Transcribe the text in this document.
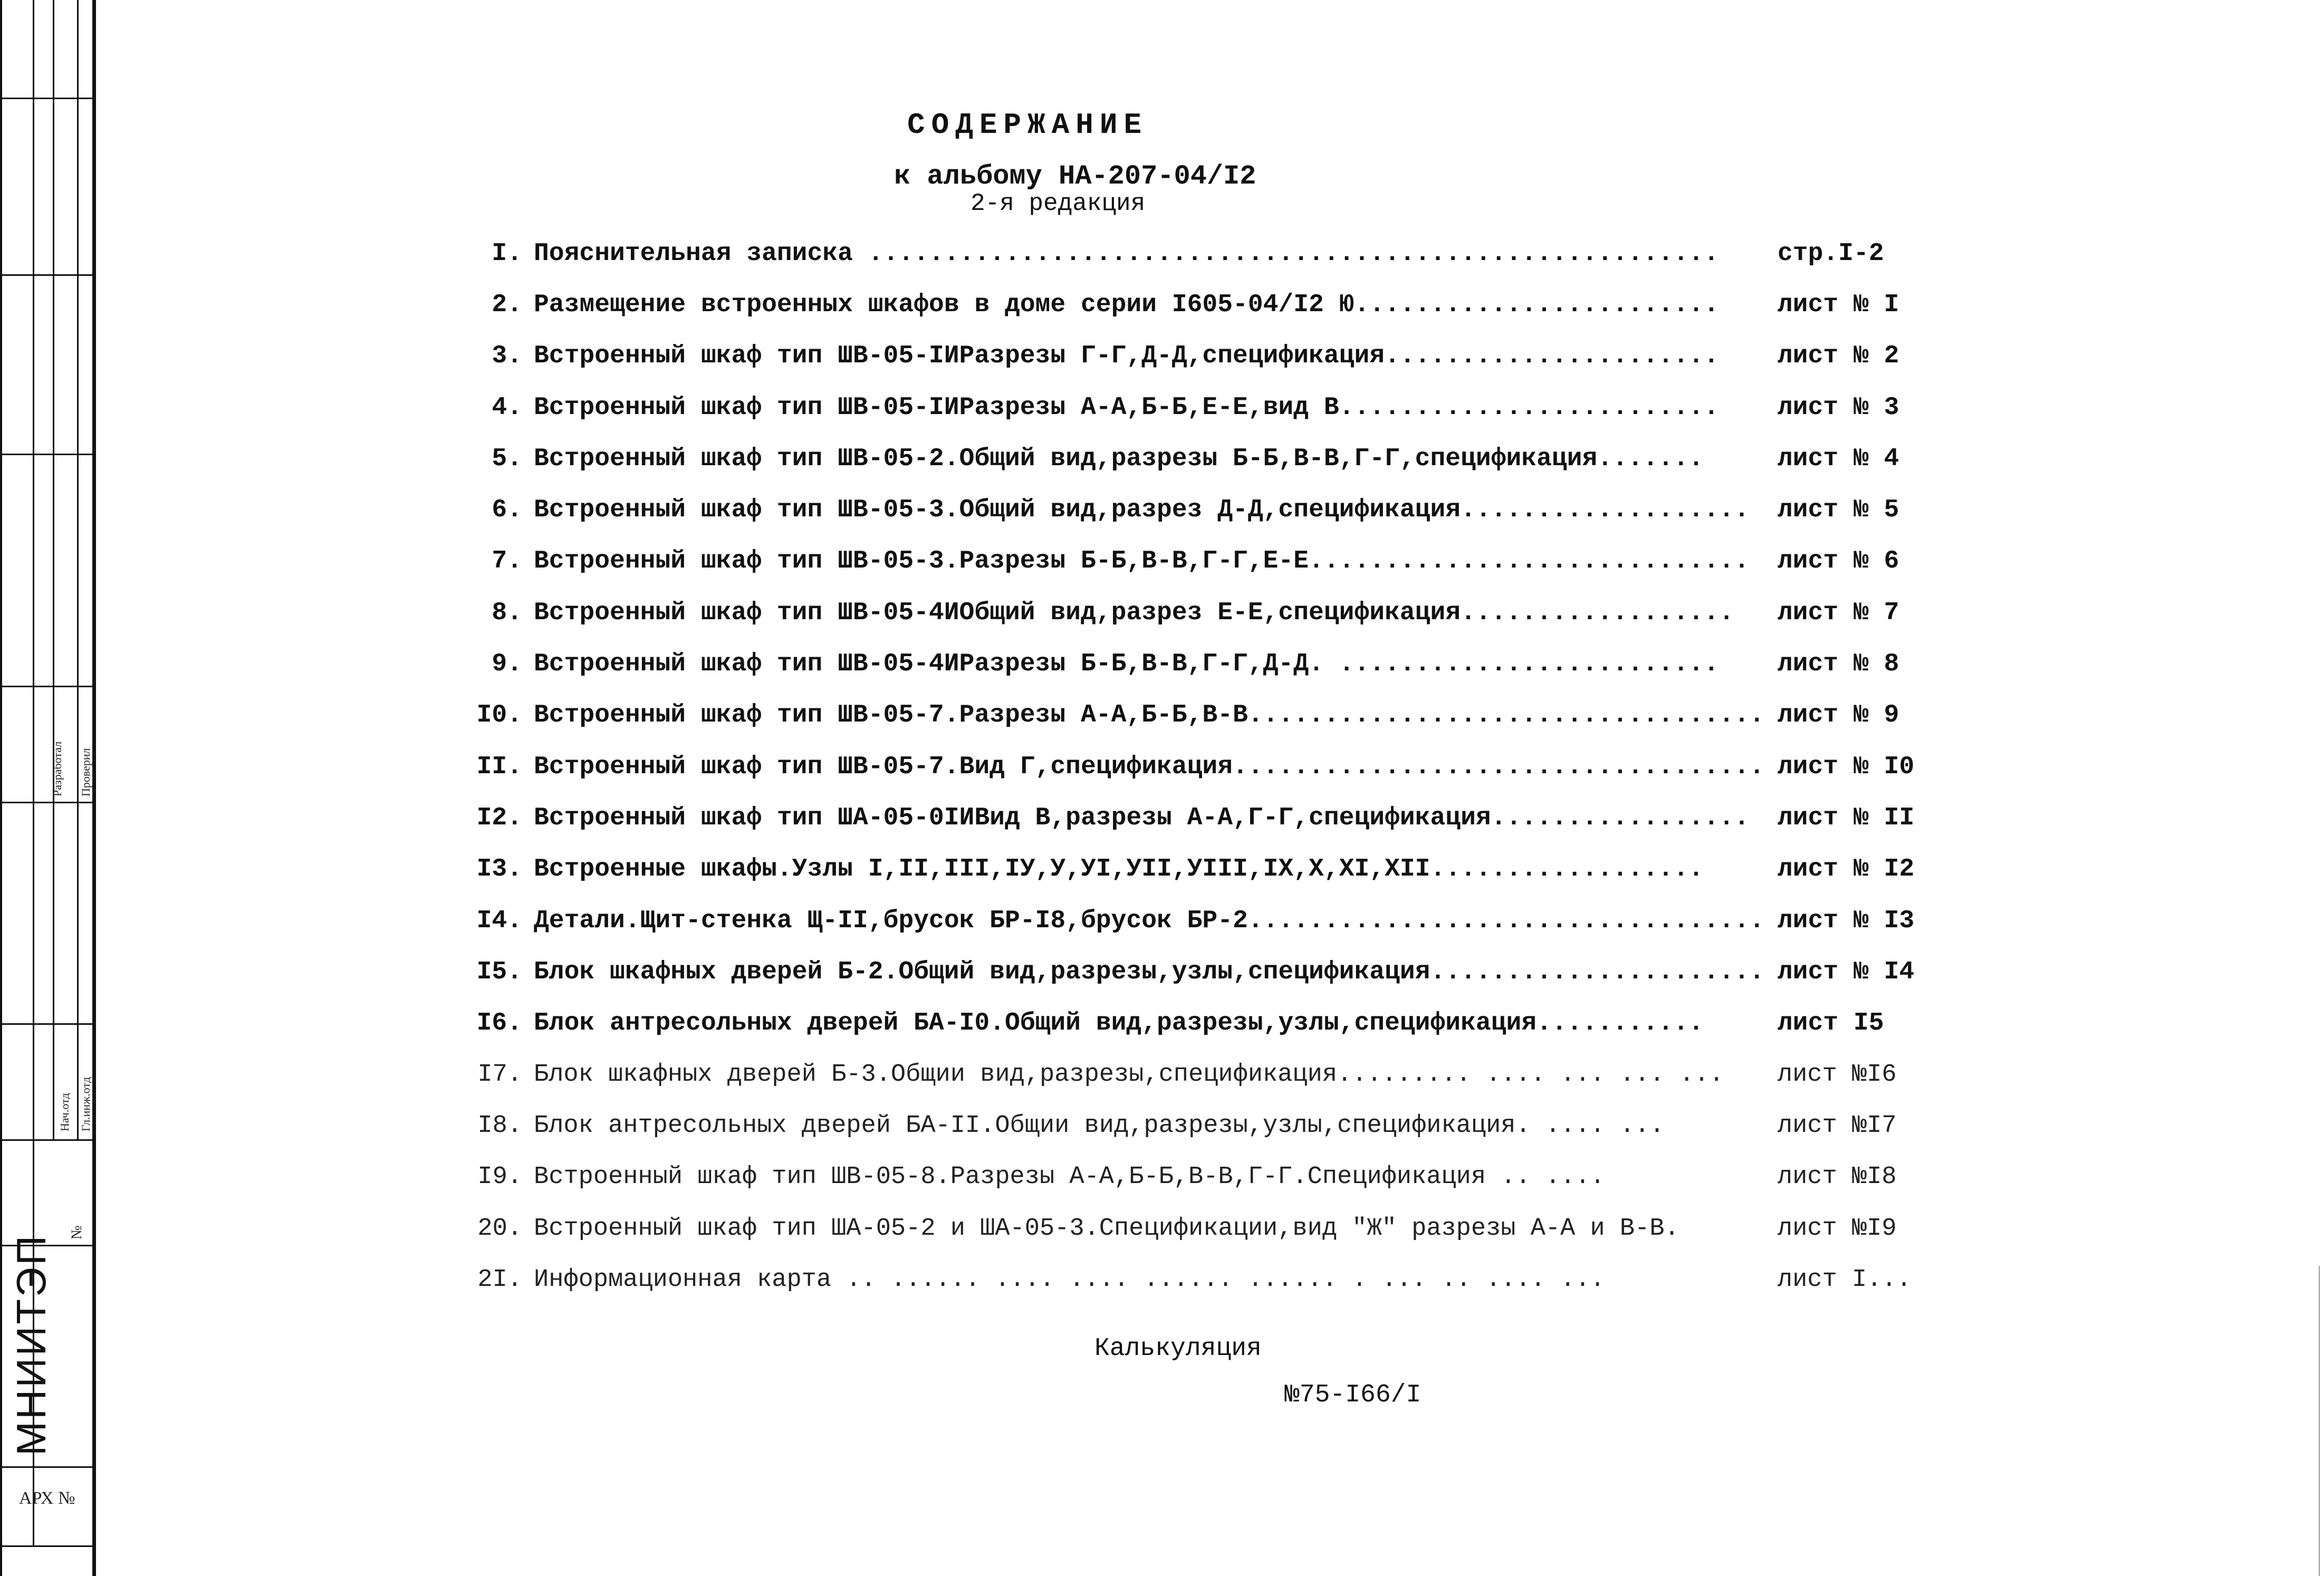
Разработал Проверил
Нач.отд Гл.инж.отд
№
МНИИТЭП
АРХ №
СОДЕРЖАНИЕ
к альбому НА-207-04/I2
2-я редакция
I. Пояснительная записка ........................................................	стр.I-2
2. Размещение встроенных шкафов в доме серии I605-04/I2 Ю........................	лист № I
3. Встроенный шкаф тип ШВ-05-IИРазрезы Г-Г,Д-Д,спецификация......................	лист № 2
4. Встроенный шкаф тип ШВ-05-IИРазрезы А-А,Б-Б,Е-Е,вид В.........................	лист № 3
5. Встроенный шкаф тип ШВ-05-2.Общий вид,разрезы Б-Б,В-В,Г-Г,спецификация.......	лист № 4
6. Встроенный шкаф тип ШВ-05-3.Общий вид,разрез Д-Д,спецификация...................	лист № 5
7. Встроенный шкаф тип ШВ-05-3.Разрезы Б-Б,В-В,Г-Г,Е-Е.............................	лист № 6
8. Встроенный шкаф тип ШВ-05-4ИОбщий вид,разрез Е-Е,спецификация..................	лист № 7
9. Встроенный шкаф тип ШВ-05-4ИРазрезы Б-Б,В-В,Г-Г,Д-Д. .........................	лист № 8
I0. Встроенный шкаф тип ШВ-05-7.Разрезы А-А,Б-Б,В-В.................................. лист № 9
II. Встроенный шкаф тип ШВ-05-7.Вид Г,спецификация................................... лист № I0
I2. Встроенный шкаф тип ША-05-0IИВид В,разрезы А-А,Г-Г,спецификация.................	лист № II
I3. Встроенные шкафы.Узлы I,II,III,IУ,У,УI,УII,УIII,IX,X,XI,XII..................	лист № I2
I4. Детали.Щит-стенка Щ-II,брусок БР-I8,брусок БР-2.................................. лист № I3
I5. Блок шкафных дверей Б-2.Общий вид,разрезы,узлы,спецификация...................... лист № I4
I6. Блок антресольных дверей БА-I0.Общий вид,разрезы,узлы,спецификация...........	лист I5
I7. Блок шкафных дверей Б-3.Общии вид,разрезы,спецификация......... .... ... ... ...	лист №I6
I8. Блок антресольных дверей БА-II.Общии вид,разрезы,узлы,спецификация. .... ...	лист №I7
I9. Встроенный шкаф тип ШВ-05-8.Разрезы А-А,Б-Б,В-В,Г-Г.Спецификация .. ....	лист №I8
20. Встроенный шкаф тип ША-05-2 и ША-05-3.Спецификации,вид "Ж" разрезы А-А и В-В.	лист №I9
2I. Информационная карта .. ...... .... .... ...... ...... . ... .. .... ...	лист I...
Калькуляция
№75-I66/I
